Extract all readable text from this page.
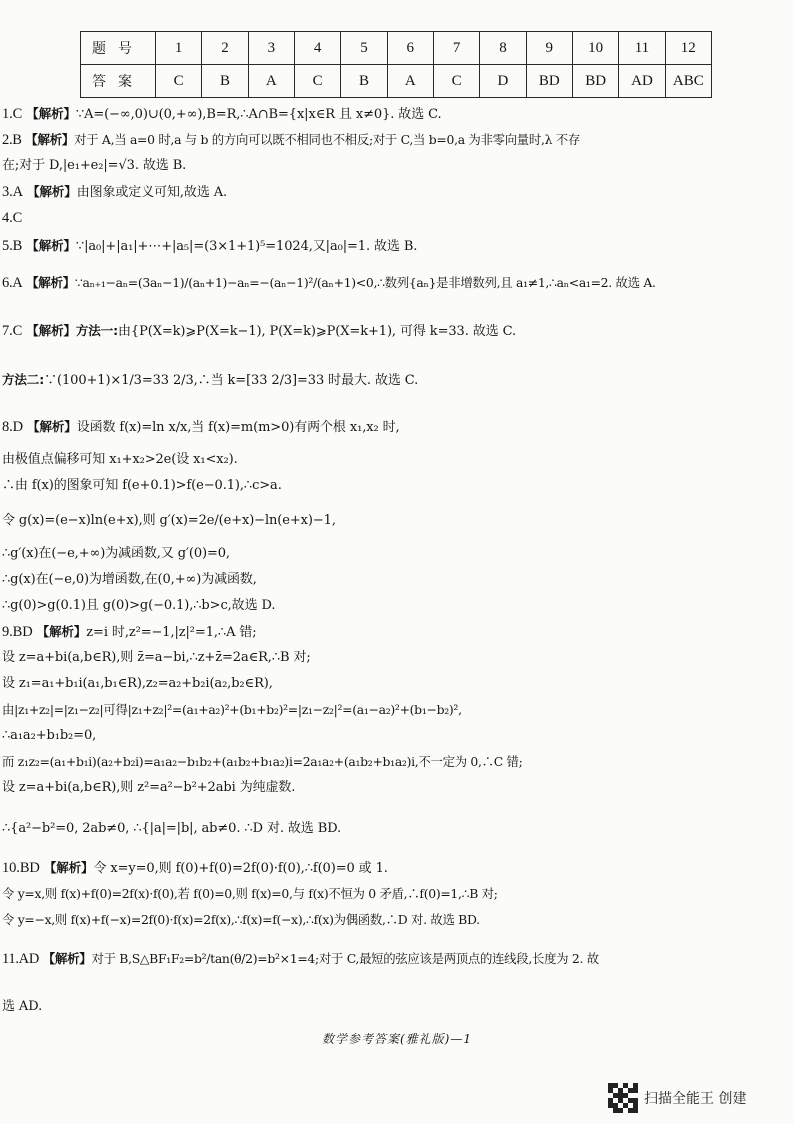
题号	1	2	3	4	5	6	7	8	9	10	11	12
答案	C	B	A	C	B	A	C	D	BD	BD	AD	ABC
1.C 【解析】∵A=(−∞,0)∪(0,+∞),B=R,∴A∩B={x|x∈R 且 x≠0}. 故选 C.
2.B 【解析】对于 A,当 a=0 时,a 与 b 的方向可以既不相同也不相反;对于 C,当 b=0,a 为非零向量时,λ 不存
在;对于 D,|e₁+e₂|=√3. 故选 B.
3.A 【解析】由图象或定义可知,故选 A.
4.C
5.B 【解析】∵|a₀|+|a₁|+⋯+|a₅|=(3×1+1)⁵=1024,又|a₀|=1. 故选 B.
6.A 【解析】∵aₙ₊₁−aₙ=(3aₙ−1)/(aₙ+1)−aₙ=−(aₙ−1)²/(aₙ+1)<0,∴数列{aₙ}是非增数列,且 a₁≠1,∴aₙ<a₁=2. 故选 A.
7.C 【解析】方法一:由{P(X=k)⩾P(X=k−1), P(X=k)⩾P(X=k+1), 可得 k=33. 故选 C.
方法二:∵(100+1)×1/3=33 2/3,∴当 k=[33 2/3]=33 时最大. 故选 C.
8.D 【解析】设函数 f(x)=ln x/x,当 f(x)=m(m>0)有两个根 x₁,x₂ 时,
由极值点偏移可知 x₁+x₂>2e(设 x₁<x₂).
∴由 f(x)的图象可知 f(e+0.1)>f(e−0.1),∴c>a.
令 g(x)=(e−x)ln(e+x),则 g′(x)=2e/(e+x)−ln(e+x)−1,
∴g′(x)在(−e,+∞)为减函数,又 g′(0)=0,
∴g(x)在(−e,0)为增函数,在(0,+∞)为减函数,
∴g(0)>g(0.1)且 g(0)>g(−0.1),∴b>c,故选 D.
9.BD 【解析】z=i 时,z²=−1,|z|²=1,∴A 错;
设 z=a+bi(a,b∈R),则 z̄=a−bi,∴z+z̄=2a∈R,∴B 对;
设 z₁=a₁+b₁i(a₁,b₁∈R),z₂=a₂+b₂i(a₂,b₂∈R),
由|z₁+z₂|=|z₁−z₂|可得|z₁+z₂|²=(a₁+a₂)²+(b₁+b₂)²=|z₁−z₂|²=(a₁−a₂)²+(b₁−b₂)²,
∴a₁a₂+b₁b₂=0,
而 z₁z₂=(a₁+b₁i)(a₂+b₂i)=a₁a₂−b₁b₂+(a₁b₂+b₁a₂)i=2a₁a₂+(a₁b₂+b₁a₂)i,不一定为 0,∴C 错;
设 z=a+bi(a,b∈R),则 z²=a²−b²+2abi 为纯虚数.
∴{a²−b²=0, 2ab≠0, ∴{|a|=|b|, ab≠0. ∴D 对. 故选 BD.
10.BD 【解析】令 x=y=0,则 f(0)+f(0)=2f(0)·f(0),∴f(0)=0 或 1.
令 y=x,则 f(x)+f(0)=2f(x)·f(0),若 f(0)=0,则 f(x)=0,与 f(x)不恒为 0 矛盾,∴f(0)=1,∴B 对;
令 y=−x,则 f(x)+f(−x)=2f(0)·f(x)=2f(x),∴f(x)=f(−x),∴f(x)为偶函数,∴D 对. 故选 BD.
11.AD 【解析】对于 B,S△BF₁F₂=b²/tan(θ/2)=b²×1=4;对于 C,最短的弦应该是两顶点的连线段,长度为 2. 故
选 AD.
数学参考答案(雅礼版)—1
扫描全能王 创建
